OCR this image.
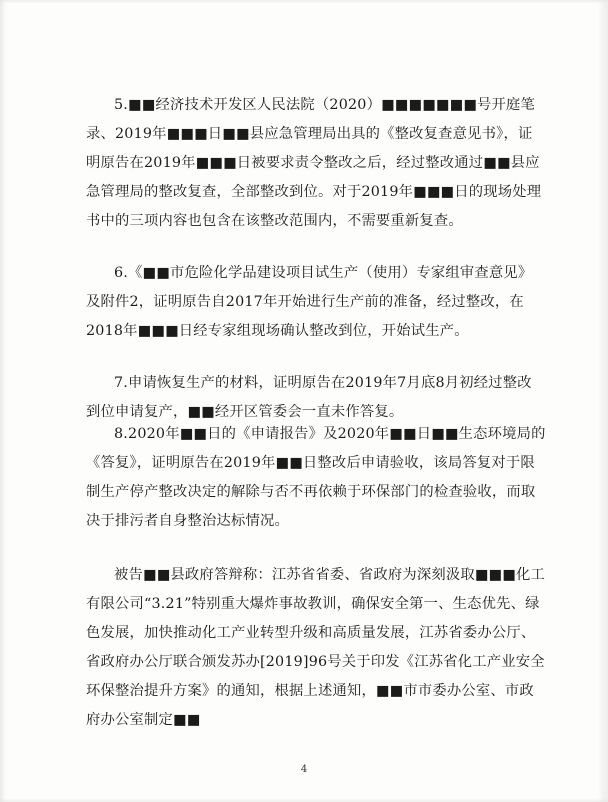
5.■■经济技术开发区人民法院（2020）■■■■■■■号开庭笔录、2019年■■■日■■县应急管理局出具的《整改复查意见书》，证明原告在2019年■■■日被要求责令整改之后，经过整改通过■■县应急管理局的整改复查，全部整改到位。对于2019年■■■日的现场处理书中的三项内容也包含在该整改范围内，不需要重新复查。

6.《■■市危险化学品建设项目试生产（使用）专家组审查意见》及附件2，证明原告自2017年开始进行生产前的准备，经过整改，在2018年■■■日经专家组现场确认整改到位，开始试生产。

7.申请恢复生产的材料，证明原告在2019年7月底8月初经过整改到位申请复产，■■经开区管委会一直未作答复。

8.2020年■■日的《申请报告》及2020年■■日■■生态环境局的《答复》，证明原告在2019年■■日整改后申请验收，该局答复对于限制生产停产整改决定的解除与否不再依赖于环保部门的检查验收，而取决于排污者自身整治达标情况。

被告■■县政府答辩称：江苏省省委、省政府为深刻汲取■■■化工有限公司“3.21”特别重大爆炸事故教训，确保安全第一、生态优先、绿色发展，加快推动化工产业转型升级和高质量发展，江苏省委办公厅、省政府办公厅联合颁发苏办[2019]96号关于印发《江苏省化工产业安全环保整治提升方案》的通知，根据上述通知，■■市市委办公室、市政府办公室制定■■

4
